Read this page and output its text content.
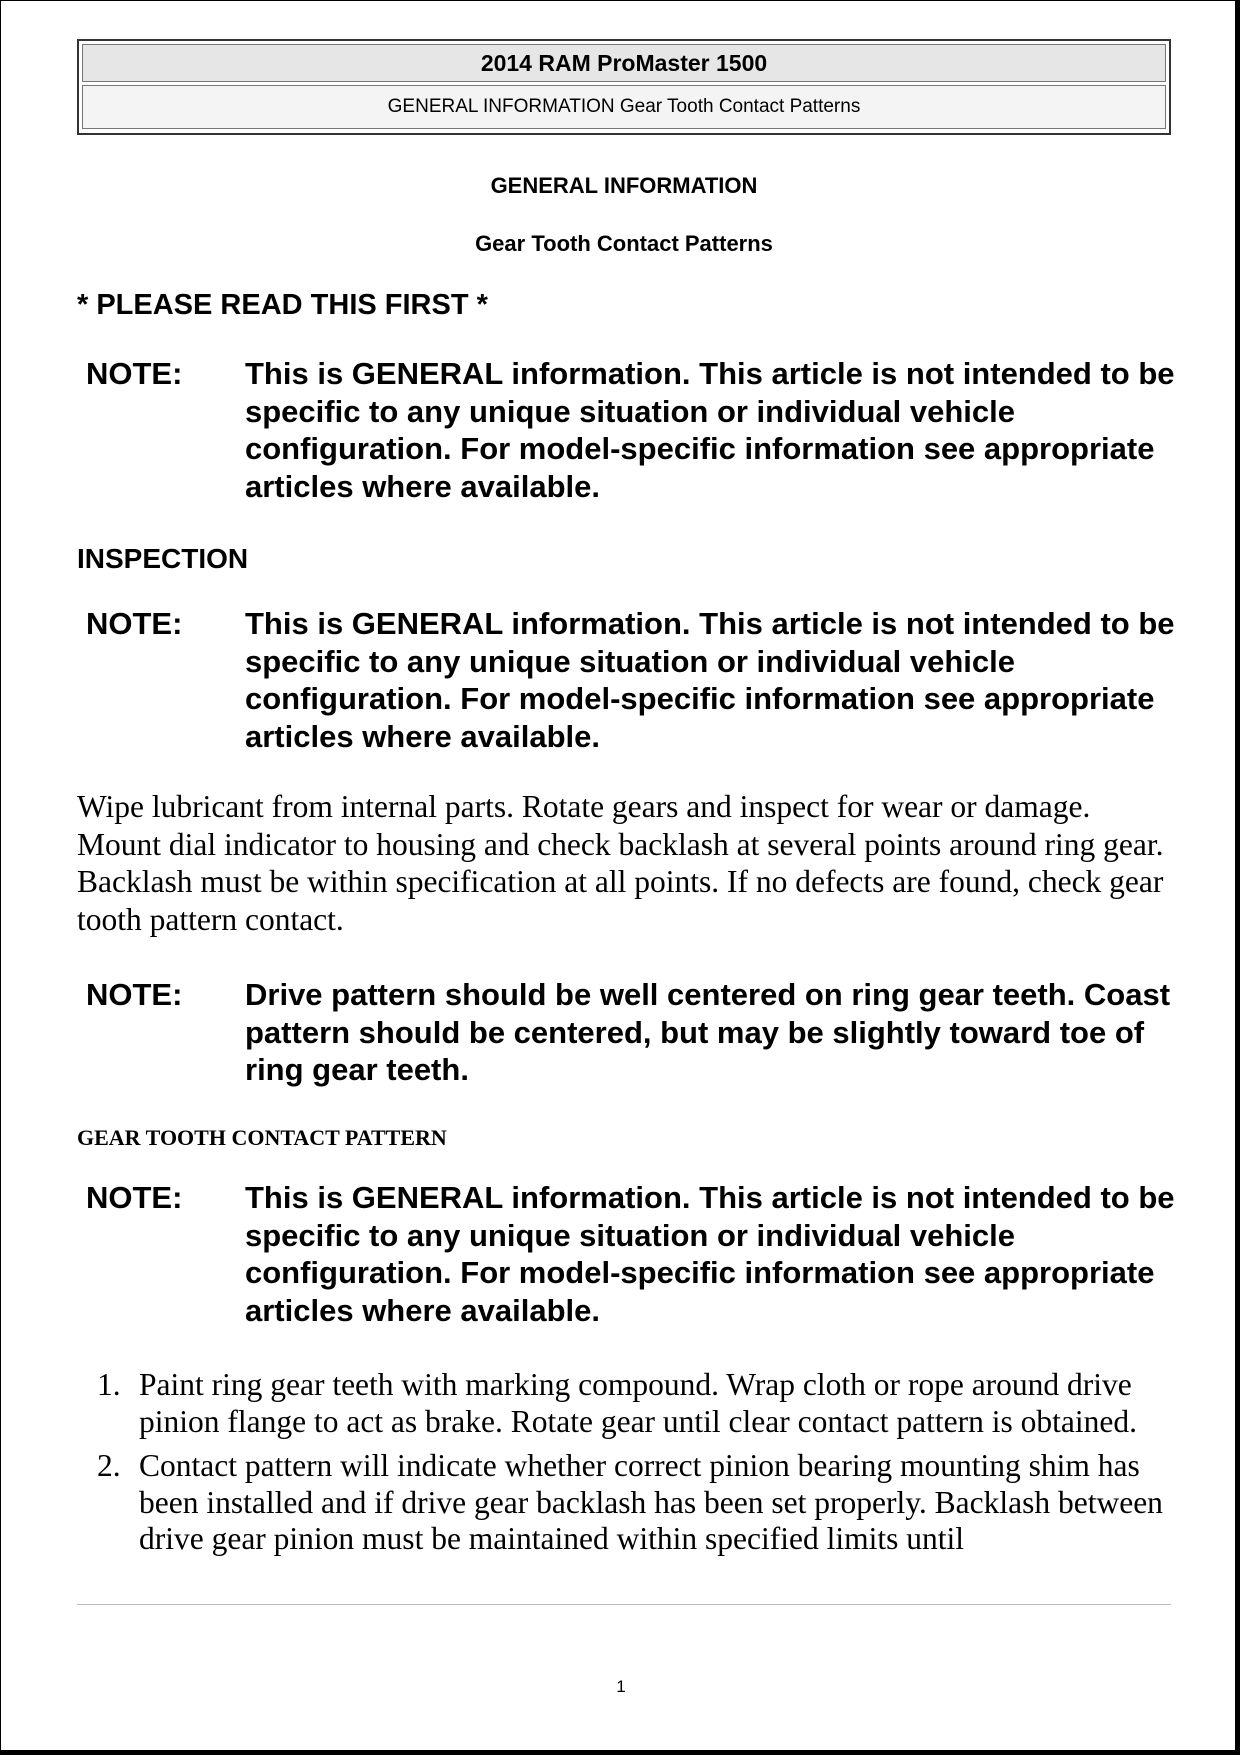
2014 RAM ProMaster 1500
GENERAL INFORMATION Gear Tooth Contact Patterns
GENERAL INFORMATION
Gear Tooth Contact Patterns
* PLEASE READ THIS FIRST *
NOTE: This is GENERAL information. This article is not intended to be specific to any unique situation or individual vehicle configuration. For model-specific information see appropriate articles where available.
INSPECTION
NOTE: This is GENERAL information. This article is not intended to be specific to any unique situation or individual vehicle configuration. For model-specific information see appropriate articles where available.
Wipe lubricant from internal parts. Rotate gears and inspect for wear or damage. Mount dial indicator to housing and check backlash at several points around ring gear. Backlash must be within specification at all points. If no defects are found, check gear tooth pattern contact.
NOTE: Drive pattern should be well centered on ring gear teeth. Coast pattern should be centered, but may be slightly toward toe of ring gear teeth.
GEAR TOOTH CONTACT PATTERN
NOTE: This is GENERAL information. This article is not intended to be specific to any unique situation or individual vehicle configuration. For model-specific information see appropriate articles where available.
1. Paint ring gear teeth with marking compound. Wrap cloth or rope around drive pinion flange to act as brake. Rotate gear until clear contact pattern is obtained.
2. Contact pattern will indicate whether correct pinion bearing mounting shim has been installed and if drive gear backlash has been set properly. Backlash between drive gear pinion must be maintained within specified limits until
1
